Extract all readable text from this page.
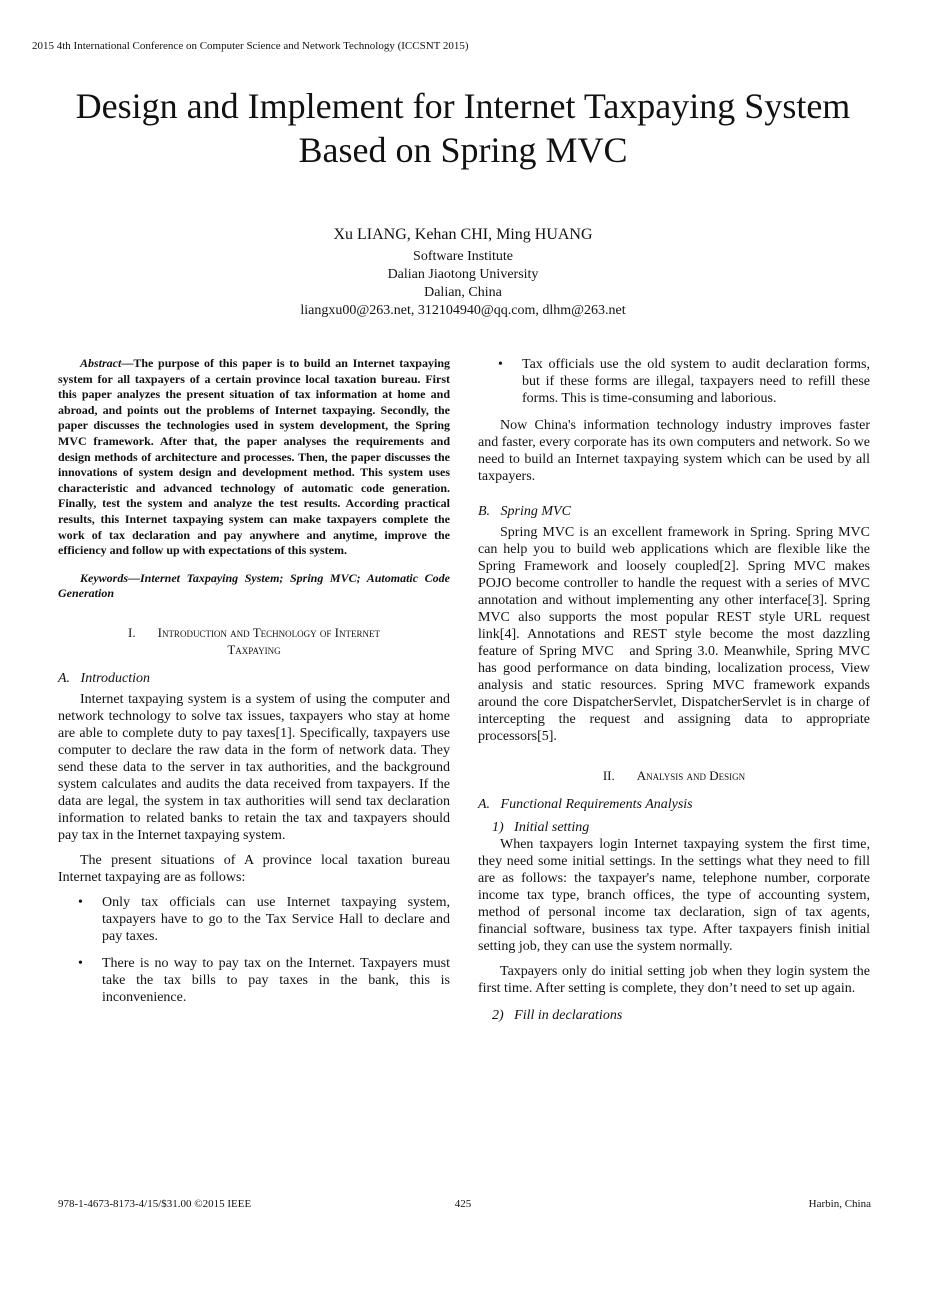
2015 4th International Conference on Computer Science and Network Technology (ICCSNT 2015)
Design and Implement for Internet Taxpaying System
Based on Spring MVC
Xu LIANG, Kehan CHI, Ming HUANG
Software Institute
Dalian Jiaotong University
Dalian, China
liangxu00@263.net, 312104940@qq.com, dlhm@263.net

Abstract—The purpose of this paper is to build an Internet taxpaying system for all taxpayers of a certain province local taxation bureau. First this paper analyzes the present situation of tax information at home and abroad, and points out the problems of Internet taxpaying. Secondly, the paper discusses the technologies used in system development, the Spring MVC framework. After that, the paper analyses the requirements and design methods of architecture and processes. Then, the paper discusses the innovations of system design and development method. This system uses characteristic and advanced technology of automatic code generation. Finally, test the system and analyze the test results. According practical results, this Internet taxpaying system can make taxpayers complete the work of tax declaration and pay anywhere and anytime, improve the efficiency and follow up with expectations of this system.

Keywords—Internet Taxpaying System; Spring MVC; Automatic Code Generation

I. Introduction and Technology of Internet
Taxpaying
A.   Introduction

Internet taxpaying system is a system of using the computer and network technology to solve tax issues, taxpayers who stay at home are able to complete duty to pay taxes[1]. Specifically, taxpayers use computer to declare the raw data in the form of network data. They send these data to the server in tax authorities, and the background system calculates and audits the data received from taxpayers. If the data are legal, the system in tax authorities will send tax declaration information to related banks to retain the tax and taxpayers should pay tax in the Internet taxpaying system.

The present situations of A province local taxation bureau Internet taxpaying are as follows:

• Only tax officials can use Internet taxpaying system, taxpayers have to go to the Tax Service Hall to declare and pay taxes.
• There is no way to pay tax on the Internet. Taxpayers must take the tax bills to pay taxes in the bank, this is inconvenience.
• Tax officials use the old system to audit declaration forms, but if these forms are illegal, taxpayers need to refill these forms. This is time-consuming and laborious.

Now China's information technology industry improves faster and faster, every corporate has its own computers and network. So we need to build an Internet taxpaying system which can be used by all taxpayers.

B.   Spring MVC

Spring MVC is an excellent framework in Spring. Spring MVC can help you to build web applications which are flexible like the Spring Framework and loosely coupled[2]. Spring MVC makes POJO become controller to handle the request with a series of MVC annotation and without implementing any other interface[3]. Spring MVC also supports the most popular REST style URL request link[4]. Annotations and REST style become the most dazzling feature of Spring MVC   and Spring 3.0. Meanwhile, Spring MVC has good performance on data binding, localization process, View analysis and static resources. Spring MVC framework expands around the core DispatcherServlet, DispatcherServlet is in charge of intercepting the request and assigning data to appropriate processors[5].

II. Analysis and Design
A.   Functional Requirements Analysis
1)   Initial setting

When taxpayers login Internet taxpaying system the first time, they need some initial settings. In the settings what they need to fill are as follows: the taxpayer's name, telephone number, corporate income tax type, branch offices, the type of accounting system, method of personal income tax declaration, sign of tax agents, financial software, business tax type. After taxpayers finish initial setting job, they can use the system normally.

Taxpayers only do initial setting job when they login system the first time. After setting is complete, they don’t need to set up again.

2)   Fill in declarations
978-1-4673-8173-4/15/$31.00 ©2015 IEEE	425	Harbin, China
